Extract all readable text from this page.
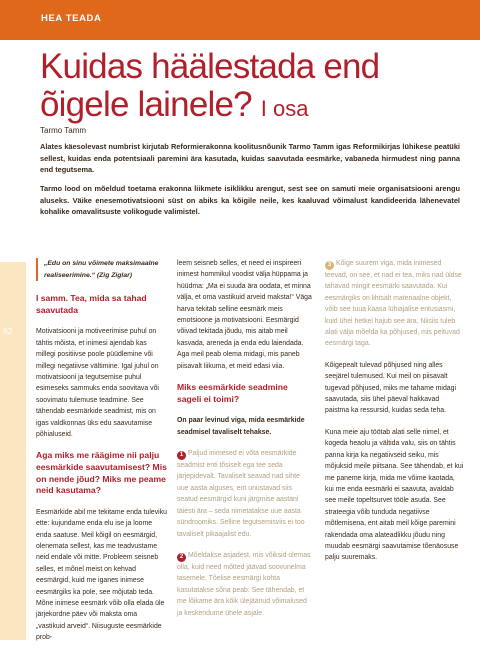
HEA TEADA
Kuidas häälestada end õigele lainele? I osa
Tarmo Tamm

Alates käesolevast numbrist kirjutab Reformierakonna koolitusnõunik Tarmo Tamm igas Reformikirjas lühikese peatüki sellest, kuidas enda potentsiaali paremini ära kasutada, kuidas saavutada eesmärke, vabaneda hirmudest ning panna end tegutsema.

Tarmo lood on mõeldud toetama erakonna liikmete isiklikku arengut, sest see on samuti meie organisatsiooni arengu aluseks. Väike enesemotivatsiooni süst on abiks ka kõigile neile, kes kaaluvad võimalust kandideerida lähenevatel kohalike omavalitsuste volikogude valimistel.

62
„Edu on sinu võimete maksimaalne realiseerimine.“ (Zig Ziglar)
I samm. Tea, mida sa tahad saavutada

Motivatsiooni ja motiveerimise puhul on tähtis mõista, et inimesi ajendab kas millegi positiivse poole püüdlemine või millegi negatiivse vältimine. Igal juhul on motivatsiooni ja tegutsemise puhul esimeseks sammuks enda soovitava või soovimatu tulemuse teadmine. See tähendab eesmärkide seadmist, mis on igas valdkonnas üks edu saavutamise põhialuseid.

Aga miks me räägime nii palju eesmärkide saavutamisest? Mis on nende jõud? Miks me peame neid kasutama?

Eesmärkide abil me tekitame enda tuleviku ette: kujundame enda elu ise ja loome enda saatuse. Meil kõigil on eesmärgid, olenemata sellest, kas me teadvustame neid endale või mitte. Probleem seisneb selles, et mõnel meist on kehvad eesmärgid, kuid me iganes inimese eesmärgiks ka pole, see mõjutab teda. Mõne inimese eesmärk võib olla elada üle järjekordne päev või maksta oma „vastikuid arveid“. Niisuguste eesmärkide prob-

leem seisneb selles, et need ei inspireeri inimest hommikul voodist välja hüppama ja hüüdma: „Ma ei suuda ära oodata, et minna välja, et oma vastikuid arveid maksta!“ Väga harva tekitab selline eesmärk meis emotsioone ja motivatsiooni. Eesmärgid võivad tekitada jõudu, mis aitab meil kasvada, areneda ja enda edu laiendada. Aga meil peab olema midagi, mis paneb piisavalt liikuma, et meid edasi viia.

Miks eesmärkide seadmine sageli ei toimi?

On paar levinud viga, mida eesmärkide seadmisel tavaliselt tehakse.

1 Paljud inimesed ei võta eesmärkide seadmist enti tõsiselt ega tee seda järjepidevalt. Tavaliselt seavad nad sihte uue aasta alguses, ent unustavad siis seatud eesmärgid kuni järgmise aastani täiesti ära – seda nimetatakse uue aasta sündroomiks. Selline tegutsemisviis ei too tavaliselt pikaajalist edu.

2 Mõeldakse asjadest, mis võiksid olemas olla, kuid need mõtted jäävad soovunelma tasemele. Tõelise eesmärgi kohta kasutatakse sõna peab. See tähendab, et me lõikame ära kõik ülejäänud võimalused ja keskendume ühele asjale.

3 Kõige suurem viga, mida inimesed teevad, on see, et nad ei tea, miks nad üldse tahavad mingit eesmärki saavutada. Kui eesmärgiks on lihtsalt materiaalne objekt, võib see tuua kaasa lühiajalise entusiasmi, kuid ühel hetkel hajub see ära. Niisiis tuleb alati välja mõelda ka põhjused, mis peituvad eesmärgi taga.

Kõigepealt tulevad põhjused ning alles seejärel tulemused. Kui meil on piisavalt tugevad põhjused, miks me tahame midagi saavutada, siis ühel päeval hakkavad paistma ka ressursid, kuidas seda teha.

Kuna meie aju töötab alati selle nimel, et kogeda heaolu ja vältida valu, siis on tähtis panna kirja ka negatiivseid seiku, mis mõjuksid meile piitsana. See tähendab, et kui me paneme kirja, mida me võime kaotada, kui me enda eesmärki ei saavuta, avaldab see meile topeltsurvet tööle asuda. See strateegia võib tunduda negatiivse mõtlemisena, ent aitab meil kõige paremini rakendada oma alateadlikku jõudu ning muudab eesmärgi saavutamise tõenäosuse palju suuremaks.
